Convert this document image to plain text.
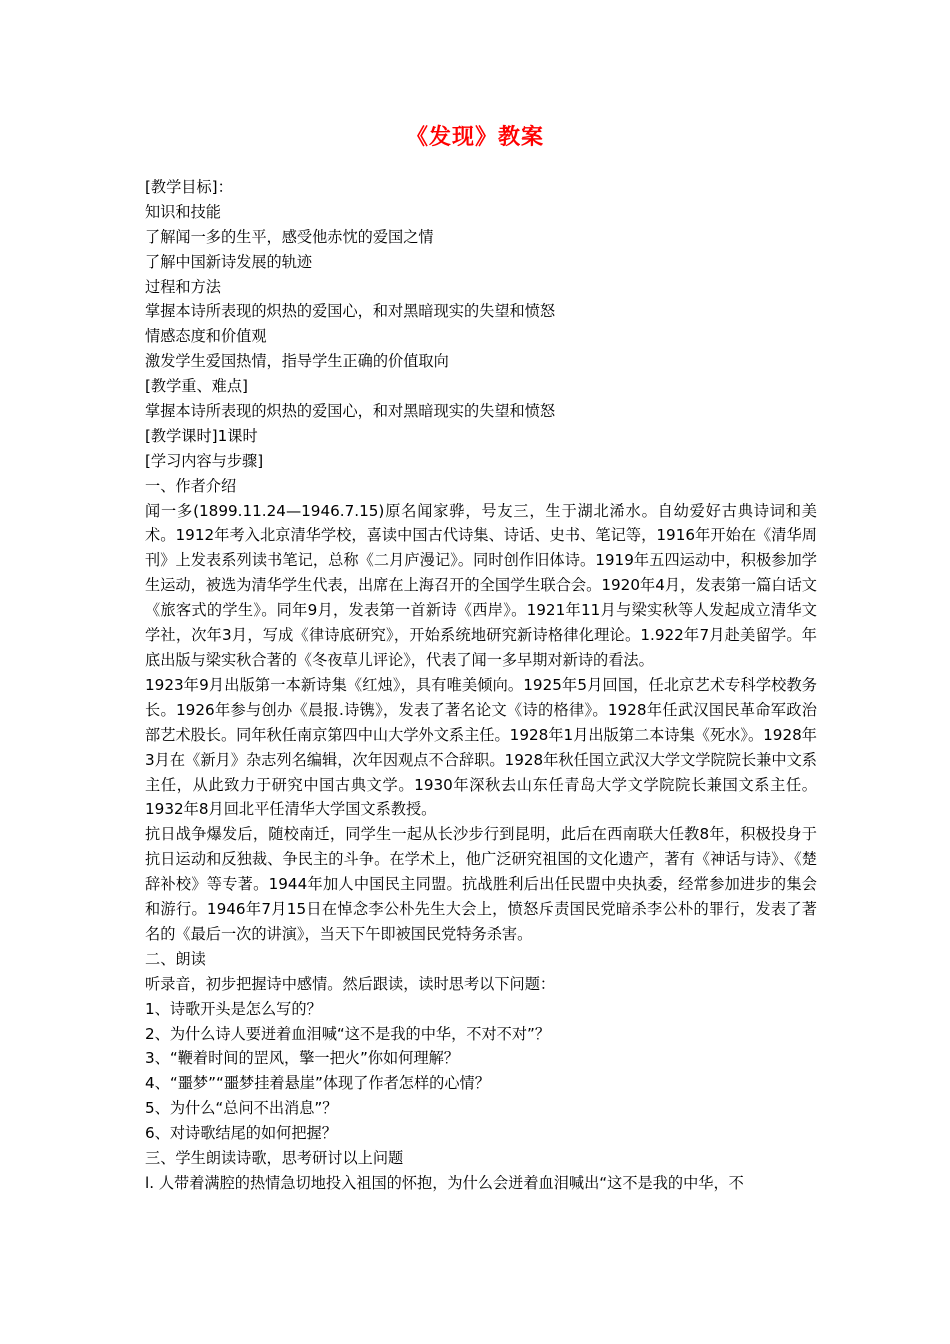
《发现》教案
[教学目标]：
知识和技能
了解闻一多的生平，感受他赤忱的爱国之情
了解中国新诗发展的轨迹
过程和方法
掌握本诗所表现的炽热的爱国心，和对黑暗现实的失望和愤怒
情感态度和价值观
激发学生爱国热情，指导学生正确的价值取向
[教学重、难点]
掌握本诗所表现的炽热的爱国心，和对黑暗现实的失望和愤怒
[教学课时]1课时
[学习内容与步骤]
一、作者介绍
闻一多(1899.11.24—1946.7.15)原名闻家骅，号友三，生于湖北浠水。自幼爱好古典诗词和美术。1912年考入北京清华学校，喜读中国古代诗集、诗话、史书、笔记等，1916年开始在《清华周刊》上发表系列读书笔记，总称《二月庐漫记》。同时创作旧体诗。1919年五四运动中，积极参加学生运动，被选为清华学生代表，出席在上海召开的全国学生联合会。1920年4月，发表第一篇白话文《旅客式的学生》。同年9月，发表第一首新诗《西岸》。1921年11月与梁实秋等人发起成立清华文学社，次年3月，写成《律诗底研究》，开始系统地研究新诗格律化理论。1.922年7月赴美留学。年底出版与梁实秋合著的《冬夜草儿评论》，代表了闻一多早期对新诗的看法。
1923年9月出版第一本新诗集《红烛》，具有唯美倾向。1925年5月回国，任北京艺术专科学校教务长。1926年参与创办《晨报.诗镌》，发表了著名论文《诗的格律》。1928年任武汉国民革命军政治部艺术股长。同年秋任南京第四中山大学外文系主任。1928年1月出版第二本诗集《死水》。1928年3月在《新月》杂志列名编辑，次年因观点不合辞职。1928年秋任国立武汉大学文学院院长兼中文系主任，从此致力于研究中国古典文学。1930年深秋去山东任青岛大学文学院院长兼国文系主任。1932年8月回北平任清华大学国文系教授。
抗日战争爆发后，随校南迁，同学生一起从长沙步行到昆明，此后在西南联大任教8年，积极投身于抗日运动和反独裁、争民主的斗争。在学术上，他广泛研究祖国的文化遗产，著有《神话与诗》、《楚辞补校》等专著。1944年加人中国民主同盟。抗战胜利后出任民盟中央执委，经常参加进步的集会和游行。1946年7月15日在悼念李公朴先生大会上，愤怒斥责国民党暗杀李公朴的罪行，发表了著名的《最后一次的讲演》，当天下午即被国民党特务杀害。
二、朗读
听录音，初步把握诗中感情。然后跟读，读时思考以下问题：
1、诗歌开头是怎么写的？
2、为什么诗人要迸着血泪喊“这不是我的中华，不对不对”？
3、“鞭着时间的罡风，擎一把火”你如何理解？
4、“噩梦”“噩梦挂着悬崖”体现了作者怎样的心情？
5、为什么“总问不出消息”？
6、对诗歌结尾的如何把握？
三、学生朗读诗歌，思考研讨以上问题
l. 人带着满腔的热情急切地投入祖国的怀抱，为什么会迸着血泪喊出“这不是我的中华，不
